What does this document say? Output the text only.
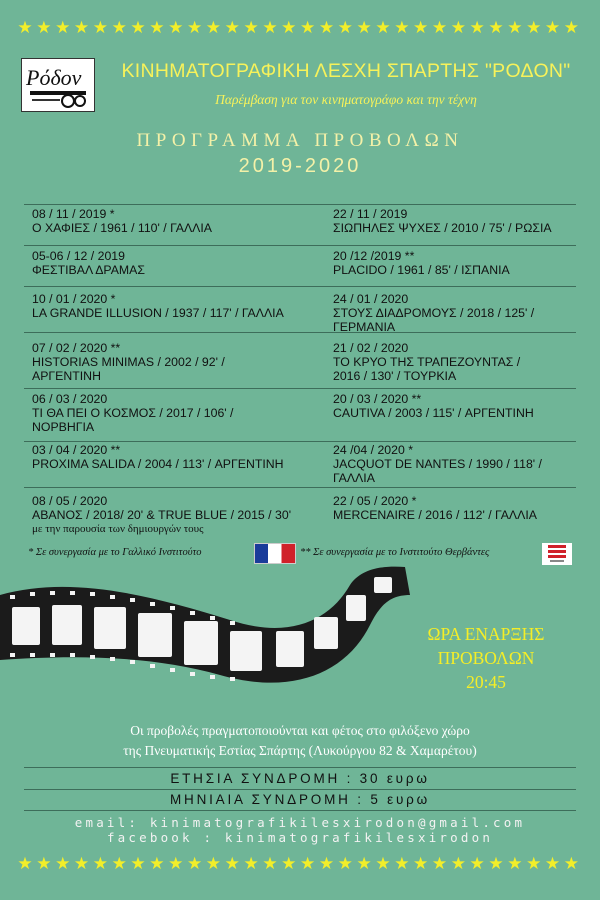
★★★★★★★★★★★★★★★★★★★★★★★★★★★★★★
Ρόδον	ΚΙΝΗΜΑΤΟΓΡΑΦΙΚΗ ΛΕΣΧΗ ΣΠΑΡΤΗΣ "ΡΟΔΟΝ"
Παρέμβαση για τον κινηματογράφο και την τέχνη
ΠΡΟΓΡΑΜΜΑ ΠΡΟΒΟΛΩΝ
2019-2020
08 / 11 / 2019 *
Ο ΧΑΦΙΕΣ / 1961 / 110' / ΓΑΛΛΙΑ
22 / 11 / 2019
ΣΙΩΠΗΛΕΣ ΨΥΧΕΣ / 2010 / 75' / ΡΩΣΙΑ
05-06 / 12 / 2019
ΦΕΣΤΙΒΑΛ ΔΡΑΜΑΣ
20 /12 /2019 **
PLACIDO / 1961 / 85' / ΙΣΠΑΝΙΑ
10 / 01 / 2020 *
LA GRANDE ILLUSION / 1937 / 117' / ΓΑΛΛΙΑ
24 / 01 / 2020
ΣΤΟΥΣ ΔΙΑΔΡΟΜΟΥΣ / 2018 / 125' /
ΓΕΡΜΑΝΙΑ
07 / 02 / 2020 **
HISTORIAS MINIMAS / 2002 / 92' /
ΑΡΓΕΝΤΙΝΗ
21 / 02 / 2020
ΤΟ ΚΡΥΟ ΤΗΣ ΤΡΑΠΕΖΟΥΝΤΑΣ /
2016 / 130' / ΤΟΥΡΚΙΑ
06 / 03 / 2020
ΤΙ ΘΑ ΠΕΙ Ο ΚΟΣΜΟΣ / 2017 / 106' /
ΝΟΡΒΗΓΙΑ
20 / 03 / 2020 **
CAUTIVA / 2003 / 115' / ΑΡΓΕΝΤΙΝΗ
03 / 04 / 2020 **
PROXIMA SALIDA / 2004 / 113' / ΑΡΓΕΝΤΙΝΗ
24 /04 / 2020 *
JACQUOT DE NANTES / 1990 / 118' /
ΓΑΛΛΙΑ
08 / 05 / 2020
ΑΒΑΝΟΣ / 2018/ 20' & TRUE BLUE / 2015 / 30'
με την παρουσία των δημιουργών τους
22 / 05 / 2020 *
MERCENAIRE / 2016 / 112' / ΓΑΛΛΙΑ
* Σε συνεργασία με το Γαλλικό Ινστιτούτο	** Σε συνεργασία με το Ινστιτούτο Θερβάντες
ΩΡΑ ΕΝΑΡΞΗΣ
ΠΡΟΒΟΛΩΝ
20:45
Οι προβολές πραγματοποιούνται και φέτος στο φιλόξενο χώρο
της Πνευματικής Εστίας Σπάρτης (Λυκούργου 82 & Χαμαρέτου)
ΕΤΗΣΙΑ ΣΥΝΔΡΟΜΗ : 30 ευρω
ΜΗΝΙΑΙΑ ΣΥΝΔΡΟΜΗ : 5 ευρω
email: kinimatografikilesxirodon@gmail.com
facebook : kinimatografikilesxirodon
★★★★★★★★★★★★★★★★★★★★★★★★★★★★★★
